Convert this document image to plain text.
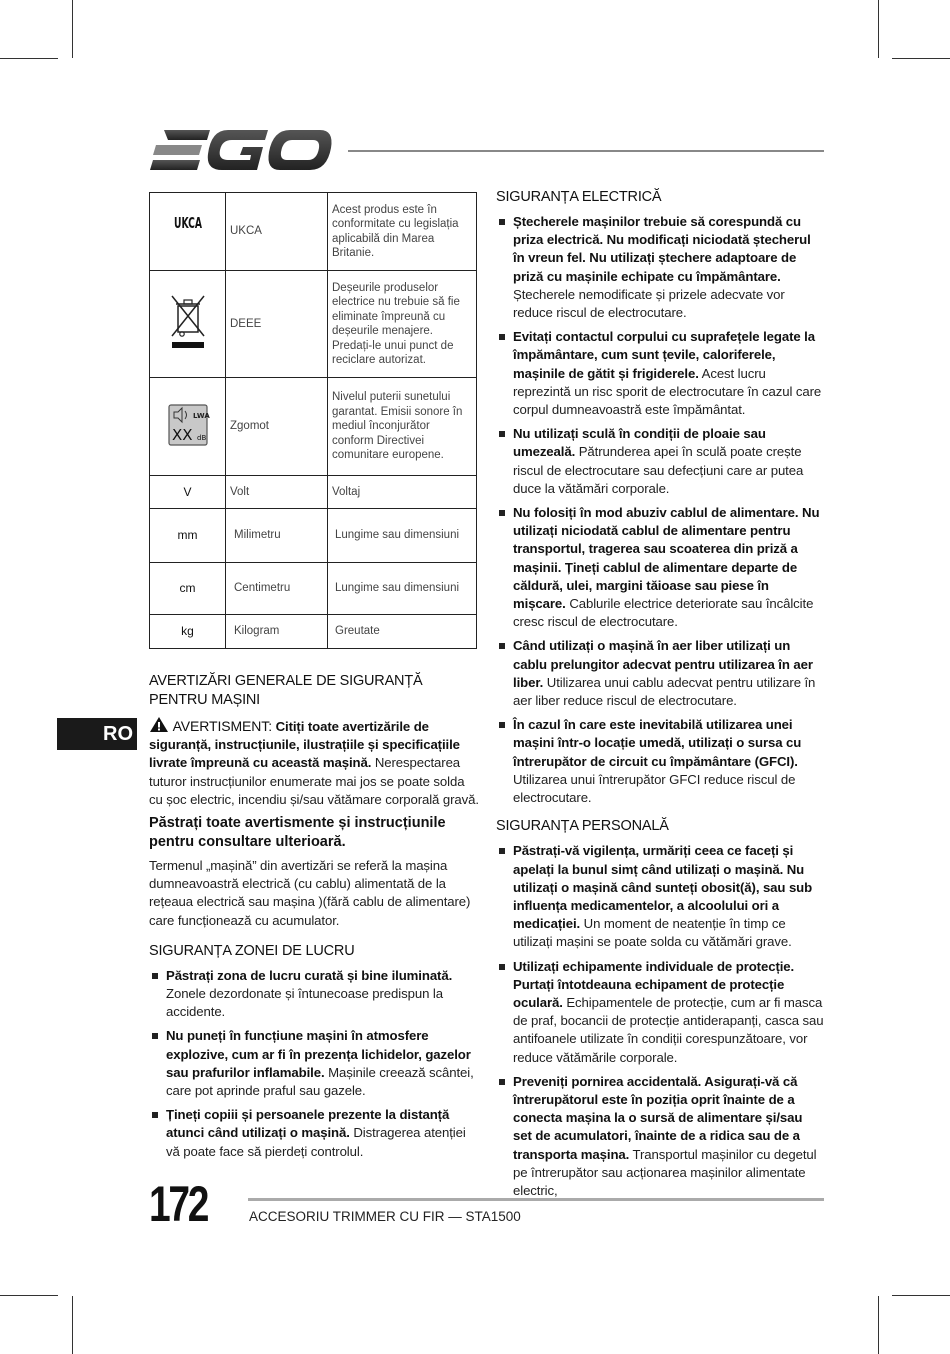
UKCA	UKCA	Acest produs este în conformitate cu legislația aplicabilă din Marea Britanie.
	DEEE	Deșeurile produselor electrice nu trebuie să fie eliminate împreună cu deșeurile menajere. Predați-le unui punct de reciclare autorizat.

LWA
XX dB	Zgomot	Nivelul puterii sunetului garantat. Emisii sonore în mediul înconjurător conform Directivei comunitare europene.
V	Volt	Voltaj
mm	Milimetru	Lungime sau dimensiuni
cm	Centimetru	Lungime sau dimensiuni
kg	Kilogram	Greutate
AVERTIZĂRI GENERALE DE SIGURANȚĂ PENTRU MAȘINI

AVERTISMENT: Citiți toate avertizările de siguranță, instrucțiunile, ilustrațiile și specificațiile livrate împreună cu această mașină. Nerespectarea tuturor instrucțiunilor enumerate mai jos se poate solda cu șoc electric, incendiu și/sau vătămare corporală gravă.

Păstrați toate avertismente și instrucțiunile pentru consultare ulterioară.

Termenul „mașină” din avertizări se referă la mașina dumneavoastră electrică (cu cablu) alimentată de la rețeaua electrică sau mașina )(fără cablu de alimentare) care funcționează cu acumulator.

SIGURANȚA ZONEI DE LUCRU
Păstrați zona de lucru curată și bine iluminată. Zonele dezordonate și întunecoase predispun la accidente.
Nu puneți în funcțiune mașini în atmosfere explozive, cum ar fi în prezența lichidelor, gazelor sau prafurilor inflamabile. Mașinile creează scântei, care pot aprinde praful sau gazele.
Țineți copiii și persoanele prezente la distanță atunci când utilizați o mașină. Distragerea atenției vă poate face să pierdeți controlul.
SIGURANȚA ELECTRICĂ
Ștecherele mașinilor trebuie să corespundă cu priza electrică. Nu modificați niciodată ștecherul în vreun fel. Nu utilizați ștechere adaptoare de priză cu mașinile echipate cu împământare. Ștecherele nemodificate și prizele adecvate vor reduce riscul de electrocutare.
Evitați contactul corpului cu suprafețele legate la împământare, cum sunt țevile, caloriferele, mașinile de gătit și frigiderele. Acest lucru reprezintă un risc sporit de electrocutare în cazul care corpul dumneavoastră este împământat.
Nu utilizați sculă în condiții de ploaie sau umezeală. Pătrunderea apei în sculă poate crește riscul de electrocutare sau defecțiuni care ar putea duce la vătămări corporale.
Nu folosiți în mod abuziv cablul de alimentare. Nu utilizați niciodată cablul de alimentare pentru transportul, tragerea sau scoaterea din priză a mașinii. Țineți cablul de alimentare departe de căldură, ulei, margini tăioase sau piese în mișcare. Cablurile electrice deteriorate sau încâlcite cresc riscul de electrocutare.
Când utilizați o mașină în aer liber utilizați un cablu prelungitor adecvat pentru utilizarea în aer liber. Utilizarea unui cablu adecvat pentru utilizare în aer liber reduce riscul de electrocutare.
În cazul în care este inevitabilă utilizarea unei mașini într-o locație umedă, utilizați o sursa cu întrerupător de circuit cu împământare (GFCI). Utilizarea unui întrerupător GFCI reduce riscul de electrocutare.
SIGURANȚA PERSONALĂ
Păstrați-vă vigilența, urmăriți ceea ce faceți și apelați la bunul simț când utilizați o mașină. Nu utilizați o mașină când sunteți obosit(ă), sau sub influența medicamentelor, a alcoolului ori a medicației. Un moment de neatenție în timp ce utilizați mașini se poate solda cu vătămări grave.
Utilizați echipamente individuale de protecție. Purtați întotdeauna echipament de protecție oculară. Echipamentele de protecție, cum ar fi masca de praf, bocancii de protecție antiderapanți, casca sau antifoanele utilizate în condiții corespunzătoare, vor reduce vătămările corporale.
Preveniți pornirea accidentală. Asigurați-vă că întrerupătorul este în poziția oprit înainte de a conecta mașina la o sursă de alimentare și/sau set de acumulatori, înainte de a ridica sau de a transporta mașina. Transportul mașinilor cu degetul pe întrerupător sau acționarea mașinilor alimentate electric,
RO
172	ACCESORIU TRIMMER CU FIR — STA1500
